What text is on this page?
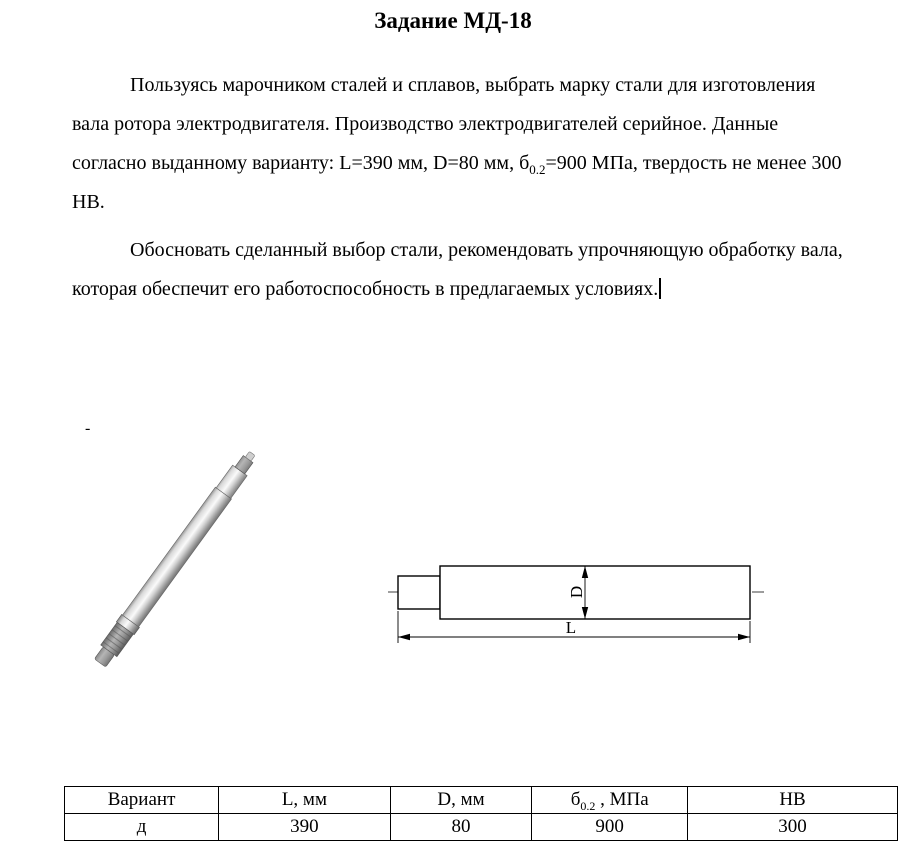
Задание МД-18

Пользуясь марочником сталей и сплавов, выбрать марку стали для изготовления вала ротора электродвигателя. Производство электродвигателей серийное. Данные согласно выданному варианту: L=390 мм, D=80 мм, $б_{0.2}=900$ МПа, твердость не менее 300 НВ.

Обосновать сделанный выбор стали, рекомендовать упрочняющую обработку вала, которая обеспечит его работоспособность в предлагаемых условиях.

-
D
L
Вариант	L, мм	D, мм	$б_{0.2}$ , МПа	НВ
д	390	80	900	300
